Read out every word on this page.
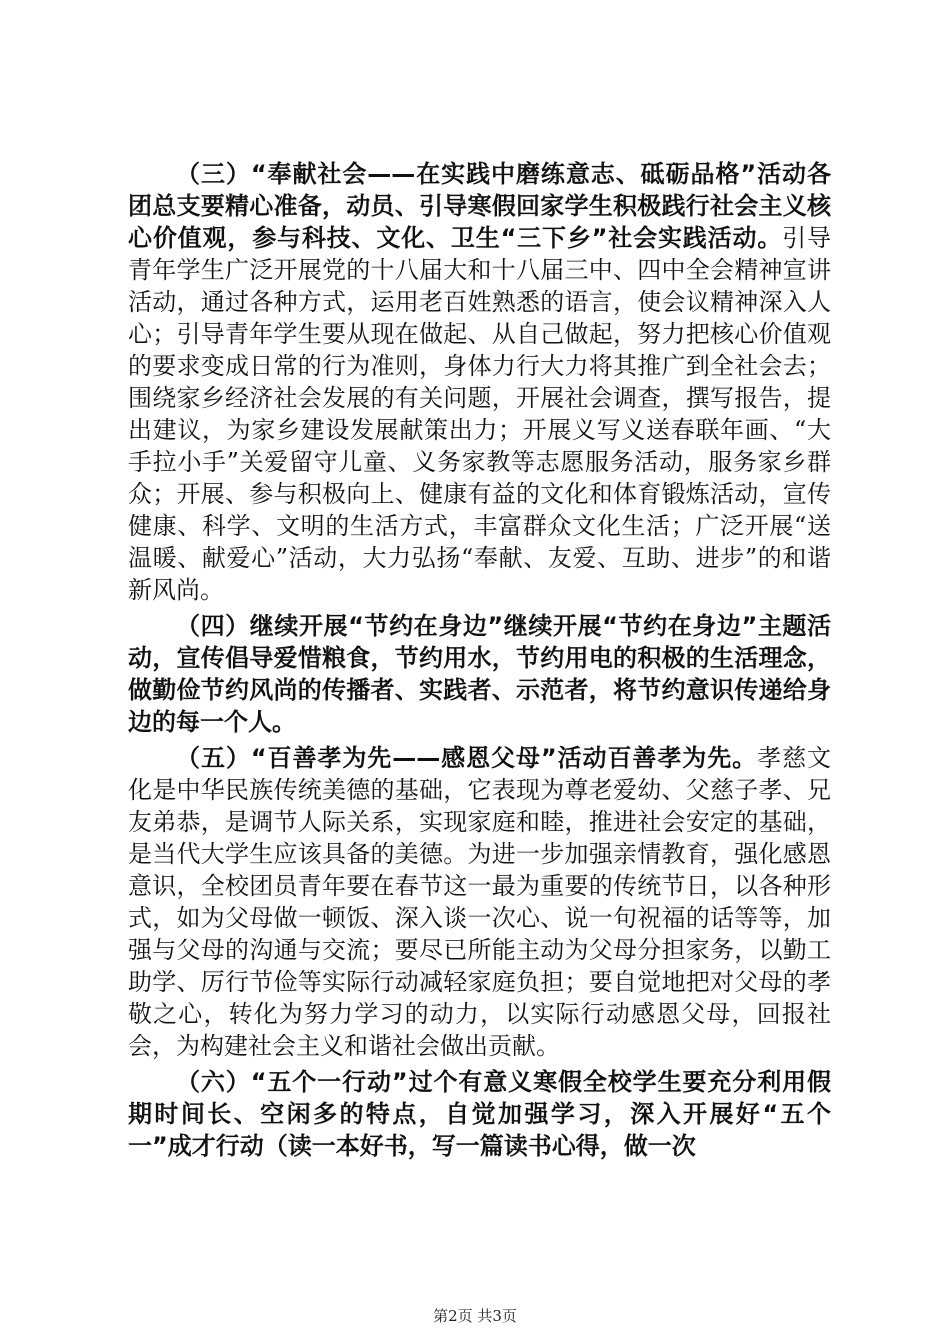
（三）“奉献社会——在实践中磨练意志、砥砺品格”活动各团总支要精心准备，动员、引导寒假回家学生积极践行社会主义核心价值观，参与科技、文化、卫生“三下乡”社会实践活动。引导青年学生广泛开展党的十八届大和十八届三中、四中全会精神宣讲活动，通过各种方式，运用老百姓熟悉的语言，使会议精神深入人心；引导青年学生要从现在做起、从自己做起，努力把核心价值观的要求变成日常的行为准则，身体力行大力将其推广到全社会去；围绕家乡经济社会发展的有关问题，开展社会调查，撰写报告，提出建议，为家乡建设发展献策出力；开展义写义送春联年画、“大手拉小手”关爱留守儿童、义务家教等志愿服务活动，服务家乡群众；开展、参与积极向上、健康有益的文化和体育锻炼活动，宣传健康、科学、文明的生活方式，丰富群众文化生活；广泛开展“送温暖、献爱心”活动，大力弘扬“奉献、友爱、互助、进步”的和谐新风尚。

（四）继续开展“节约在身边”继续开展“节约在身边”主题活动，宣传倡导爱惜粮食，节约用水，节约用电的积极的生活理念，做勤俭节约风尚的传播者、实践者、示范者，将节约意识传递给身边的每一个人。

（五）“百善孝为先——感恩父母”活动百善孝为先。孝慈文化是中华民族传统美德的基础，它表现为尊老爱幼、父慈子孝、兄友弟恭，是调节人际关系，实现家庭和睦，推进社会安定的基础，是当代大学生应该具备的美德。为进一步加强亲情教育，强化感恩意识，全校团员青年要在春节这一最为重要的传统节日，以各种形式，如为父母做一顿饭、深入谈一次心、说一句祝福的话等等，加强与父母的沟通与交流；要尽已所能主动为父母分担家务，以勤工助学、厉行节俭等实际行动减轻家庭负担；要自觉地把对父母的孝敬之心，转化为努力学习的动力，以实际行动感恩父母，回报社会，为构建社会主义和谐社会做出贡献。

（六）“五个一行动”过个有意义寒假全校学生要充分利用假期时间长、空闲多的特点，自觉加强学习，深入开展好“五个一”成才行动（读一本好书，写一篇读书心得，做一次

第2页 共3页
